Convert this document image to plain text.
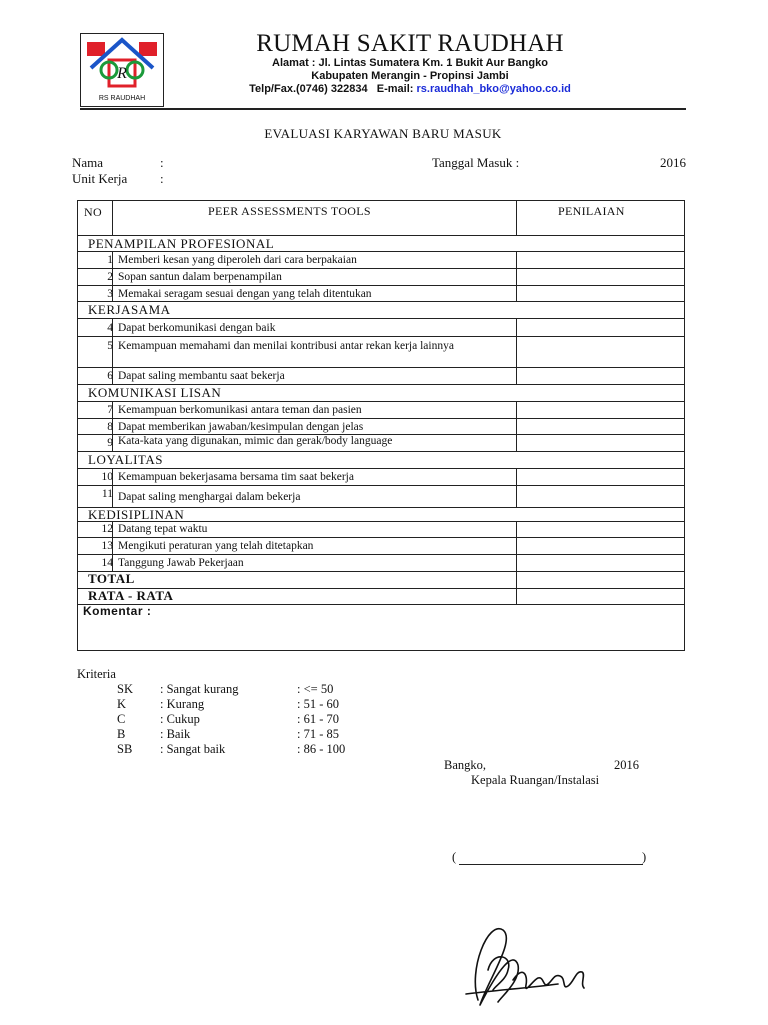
R
RS RAUDHAH
RUMAH SAKIT RAUDHAH
Alamat : Jl. Lintas Sumatera Km. 1 Bukit Aur Bangko
Kabupaten Merangin - Propinsi Jambi
Telp/Fax.(0746) 322834 E-mail: rs.raudhah_bko@yahoo.co.id
EVALUASI KARYAWAN BARU MASUK
Nama	:
Unit Kerja	:
Tanggal Masuk :	2016
NO	PEER ASSESSMENTS TOOLS	PENILAIAN
PENAMPILAN PROFESIONAL
1 Memberi kesan yang diperoleh dari cara berpakaian
2 Sopan santun dalam berpenampilan
3 Memakai seragam sesuai dengan yang telah ditentukan
KERJASAMA
4 Dapat berkomunikasi dengan baik
5 Kemampuan memahami dan menilai kontribusi antar rekan kerja lainnya
6 Dapat saling membantu saat bekerja
KOMUNIKASI LISAN
7 Kemampuan berkomunikasi antara teman dan pasien
8 Dapat memberikan jawaban/kesimpulan dengan jelas
9 Kata-kata yang digunakan, mimic dan gerak/body language
LOYALITAS
10 Kemampuan bekerjasama bersama tim saat bekerja
11 Dapat saling menghargai dalam bekerja
KEDISIPLINAN
12 Datang tepat waktu
13 Mengikuti peraturan yang telah ditetapkan
14 Tanggung Jawab Pekerjaan
TOTAL
RATA - RATA
Komentar :
Kriteria
SK : Sangat kurang	: <= 50
K	: Kurang	: 51 - 60
C	: Cukup	: 61 - 70
B	: Baik	: 71 - 85
SB : Sangat baik	: 86 - 100
Bangko,	2016
Kepala Ruangan/Instalasi
(	)
